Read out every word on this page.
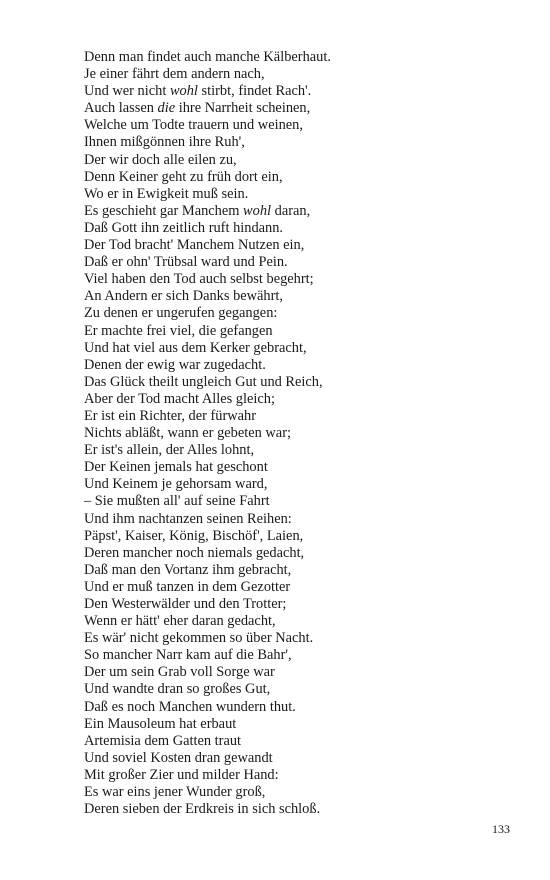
Denn man findet auch manche Kälberhaut.
Je einer fährt dem andern nach,
Und wer nicht wohl stirbt, findet Rach'.
Auch lassen die ihre Narrheit scheinen,
Welche um Todte trauern und weinen,
Ihnen mißgönnen ihre Ruh',
Der wir doch alle eilen zu,
Denn Keiner geht zu früh dort ein,
Wo er in Ewigkeit muß sein.
Es geschieht gar Manchem wohl daran,
Daß Gott ihn zeitlich ruft hindann.
Der Tod bracht' Manchem Nutzen ein,
Daß er ohn' Trübsal ward und Pein.
Viel haben den Tod auch selbst begehrt;
An Andern er sich Danks bewährt,
Zu denen er ungerufen gegangen:
Er machte frei viel, die gefangen
Und hat viel aus dem Kerker gebracht,
Denen der ewig war zugedacht.
Das Glück theilt ungleich Gut und Reich,
Aber der Tod macht Alles gleich;
Er ist ein Richter, der fürwahr
Nichts abläßt, wann er gebeten war;
Er ist's allein, der Alles lohnt,
Der Keinen jemals hat geschont
Und Keinem je gehorsam ward,
– Sie mußten all' auf seine Fahrt
Und ihm nachtanzen seinen Reihen:
Päpst', Kaiser, König, Bischöf', Laien,
Deren mancher noch niemals gedacht,
Daß man den Vortanz ihm gebracht,
Und er muß tanzen in dem Gezotter
Den Westerwälder und den Trotter;
Wenn er hätt' eher daran gedacht,
Es wär' nicht gekommen so über Nacht.
So mancher Narr kam auf die Bahr',
Der um sein Grab voll Sorge war
Und wandte dran so großes Gut,
Daß es noch Manchen wundern thut.
Ein Mausoleum hat erbaut
Artemisia dem Gatten traut
Und soviel Kosten dran gewandt
Mit großer Zier und milder Hand:
Es war eins jener Wunder groß,
Deren sieben der Erdkreis in sich schloß.
133
